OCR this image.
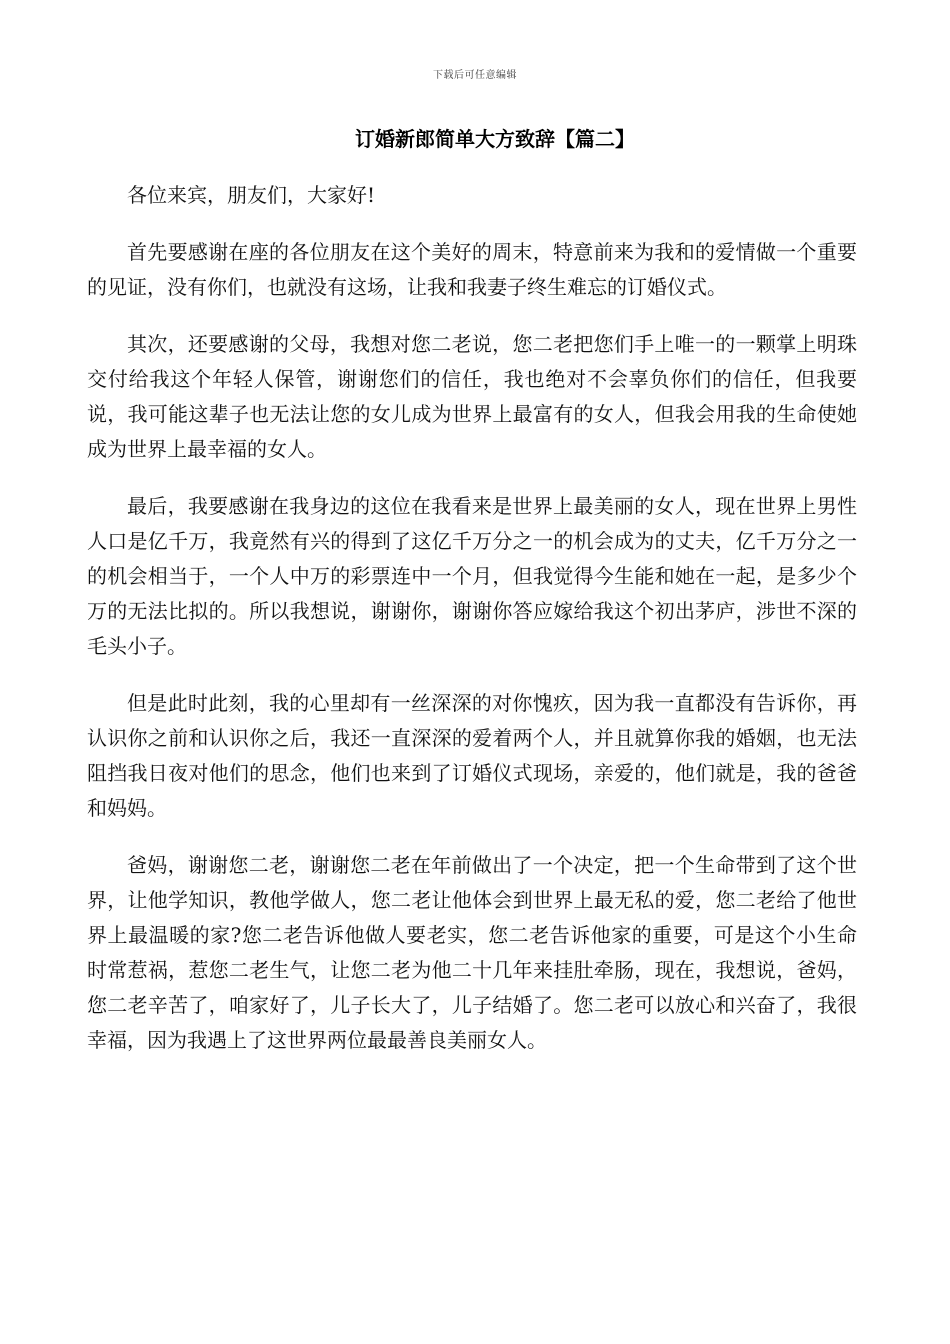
下载后可任意编辑
订婚新郎简单大方致辞【篇二】

各位来宾，朋友们，大家好!

首先要感谢在座的各位朋友在这个美好的周末，特意前来为我和的爱情做一个重要的见证，没有你们，也就没有这场，让我和我妻子终生难忘的订婚仪式。

其次，还要感谢的父母，我想对您二老说，您二老把您们手上唯一的一颗掌上明珠交付给我这个年轻人保管，谢谢您们的信任，我也绝对不会辜负你们的信任，但我要说，我可能这辈子也无法让您的女儿成为世界上最富有的女人，但我会用我的生命使她成为世界上最幸福的女人。

最后，我要感谢在我身边的这位在我看来是世界上最美丽的女人，现在世界上男性人口是亿千万，我竟然有兴的得到了这亿千万分之一的机会成为的丈夫，亿千万分之一的机会相当于，一个人中万的彩票连中一个月，但我觉得今生能和她在一起，是多少个万的无法比拟的。所以我想说，谢谢你，谢谢你答应嫁给我这个初出茅庐，涉世不深的毛头小子。

但是此时此刻，我的心里却有一丝深深的对你愧疚，因为我一直都没有告诉你，再认识你之前和认识你之后，我还一直深深的爱着两个人，并且就算你我的婚姻，也无法阻挡我日夜对他们的思念，他们也来到了订婚仪式现场，亲爱的，他们就是，我的爸爸和妈妈。

爸妈，谢谢您二老，谢谢您二老在年前做出了一个决定，把一个生命带到了这个世界，让他学知识，教他学做人，您二老让他体会到世界上最无私的爱，您二老给了他世界上最温暖的家?您二老告诉他做人要老实，您二老告诉他家的重要，可是这个小生命时常惹祸，惹您二老生气，让您二老为他二十几年来挂肚牵肠，现在，我想说，爸妈，您二老辛苦了，咱家好了，儿子长大了，儿子结婚了。您二老可以放心和兴奋了，我很幸福，因为我遇上了这世界两位最最善良美丽女人。
